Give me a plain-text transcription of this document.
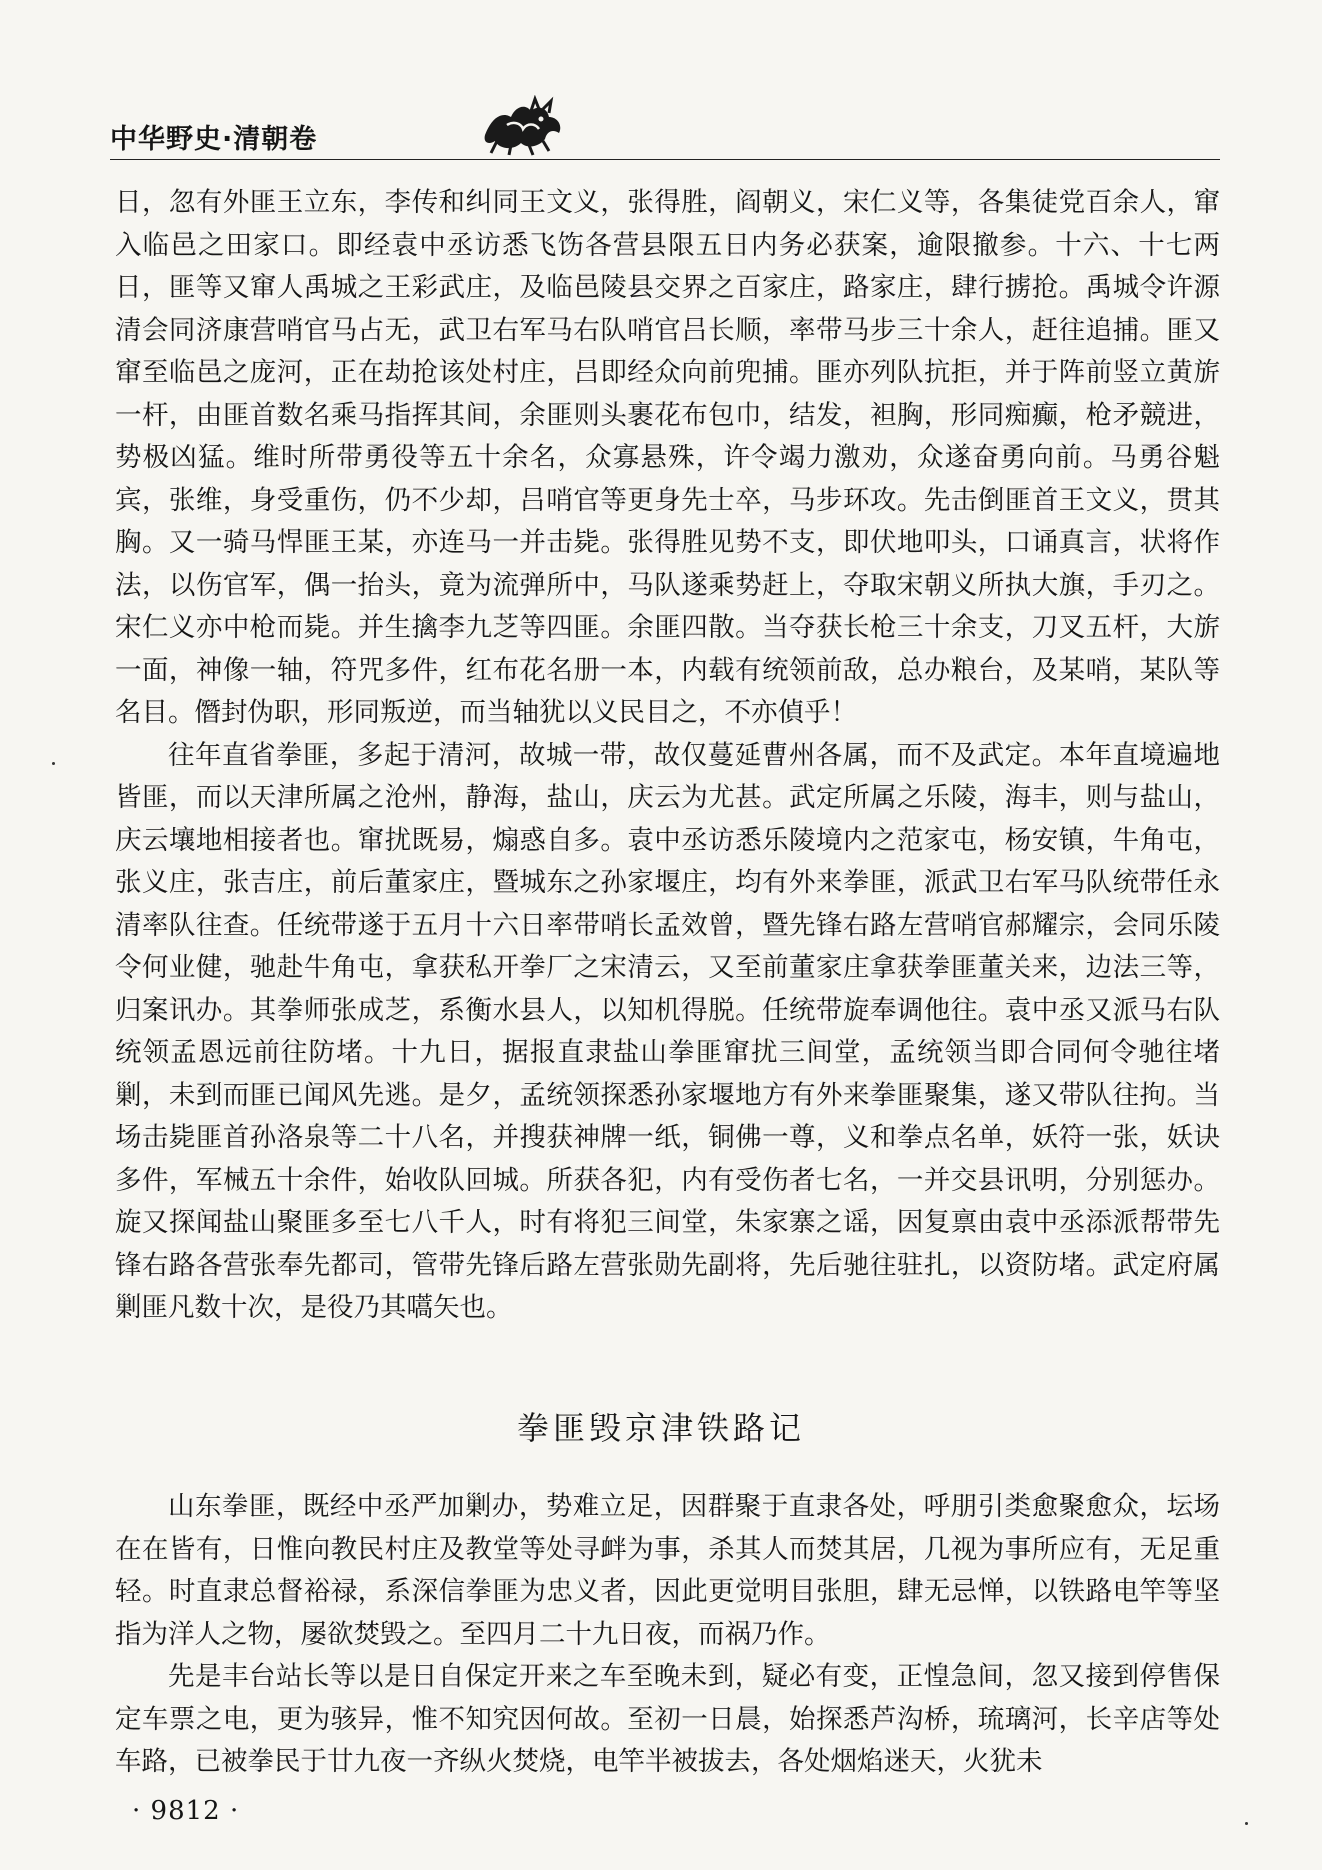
中华野史·清朝卷

日，忽有外匪王立东，李传和纠同王文义，张得胜，阎朝义，宋仁义等，各集徒党百余人，窜入临邑之田家口。即经袁中丞访悉飞饬各营县限五日内务必获案，逾限撤参。十六、十七两日，匪等又窜人禹城之王彩武庄，及临邑陵县交界之百家庄，路家庄，肆行掳抢。禹城令许源清会同济康营哨官马占无，武卫右军马右队哨官吕长顺，率带马步三十余人，赶往追捕。匪又窜至临邑之庞河，正在劫抢该处村庄，吕即经众向前兜捕。匪亦列队抗拒，并于阵前竖立黄旂一杆，由匪首数名乘马指挥其间，余匪则头裹花布包巾，结发，袒胸，形同痴癫，枪矛競进，势极凶猛。维时所带勇役等五十余名，众寡悬殊，许令竭力激劝，众遂奋勇向前。马勇谷魁宾，张维，身受重伤，仍不少却，吕哨官等更身先士卒，马步环攻。先击倒匪首王文义，贯其胸。又一骑马悍匪王某，亦连马一并击毙。张得胜见势不支，即伏地叩头，口诵真言，状将作法，以伤官军，偶一抬头，竟为流弹所中，马队遂乘势赶上，夺取宋朝义所执大旗，手刃之。宋仁义亦中枪而毙。并生擒李九芝等四匪。余匪四散。当夺获长枪三十余支，刀叉五杆，大旂一面，神像一轴，符咒多件，红布花名册一本，内载有统领前敌，总办粮台，及某哨，某队等名目。僭封伪职，形同叛逆，而当轴犹以义民目之，不亦偵乎！

往年直省拳匪，多起于清河，故城一带，故仅蔓延曹州各属，而不及武定。本年直境遍地皆匪，而以天津所属之沧州，静海，盐山，庆云为尤甚。武定所属之乐陵，海丰，则与盐山，庆云壤地相接者也。窜扰既易，煽惑自多。袁中丞访悉乐陵境内之范家屯，杨安镇，牛角屯，张义庄，张吉庄，前后董家庄，暨城东之孙家堰庄，均有外来拳匪，派武卫右军马队统带任永清率队往查。任统带遂于五月十六日率带哨长孟效曾，暨先锋右路左营哨官郝耀宗，会同乐陵令何业健，驰赴牛角屯，拿获私开拳厂之宋清云，又至前董家庄拿获拳匪董关来，边法三等，归案讯办。其拳师张成芝，系衡水县人，以知机得脱。任统带旋奉调他往。袁中丞又派马右队统领孟恩远前往防堵。十九日，据报直隶盐山拳匪窜扰三间堂，孟统领当即合同何令驰往堵剿，未到而匪已闻风先逃。是夕，孟统领探悉孙家堰地方有外来拳匪聚集，遂又带队往拘。当场击毙匪首孙洛泉等二十八名，并搜获神牌一纸，铜佛一尊，义和拳点名单，妖符一张，妖诀多件，军械五十余件，始收队回城。所获各犯，内有受伤者七名，一并交县讯明，分别惩办。旋又探闻盐山聚匪多至七八千人，时有将犯三间堂，朱家寨之谣，因复禀由袁中丞添派帮带先锋右路各营张奉先都司，管带先锋后路左营张勋先副将，先后驰往驻扎，以资防堵。武定府属剿匪凡数十次，是役乃其嚆矢也。

拳匪毁京津铁路记

山东拳匪，既经中丞严加剿办，势难立足，因群聚于直隶各处，呼朋引类愈聚愈众，坛场在在皆有，日惟向教民村庄及教堂等处寻衅为事，杀其人而焚其居，几视为事所应有，无足重轻。时直隶总督裕禄，系深信拳匪为忠义者，因此更觉明目张胆，肆无忌惮，以铁路电竿等坚指为洋人之物，屡欲焚毁之。至四月二十九日夜，而祸乃作。

先是丰台站长等以是日自保定开来之车至晚未到，疑必有变，正惶急间，忽又接到停售保定车票之电，更为骇异，惟不知究因何故。至初一日晨，始探悉芦沟桥，琉璃河，长辛店等处车路，已被拳民于廿九夜一齐纵火焚烧，电竿半被拔去，各处烟焰迷天，火犹未

· 9812 ·
